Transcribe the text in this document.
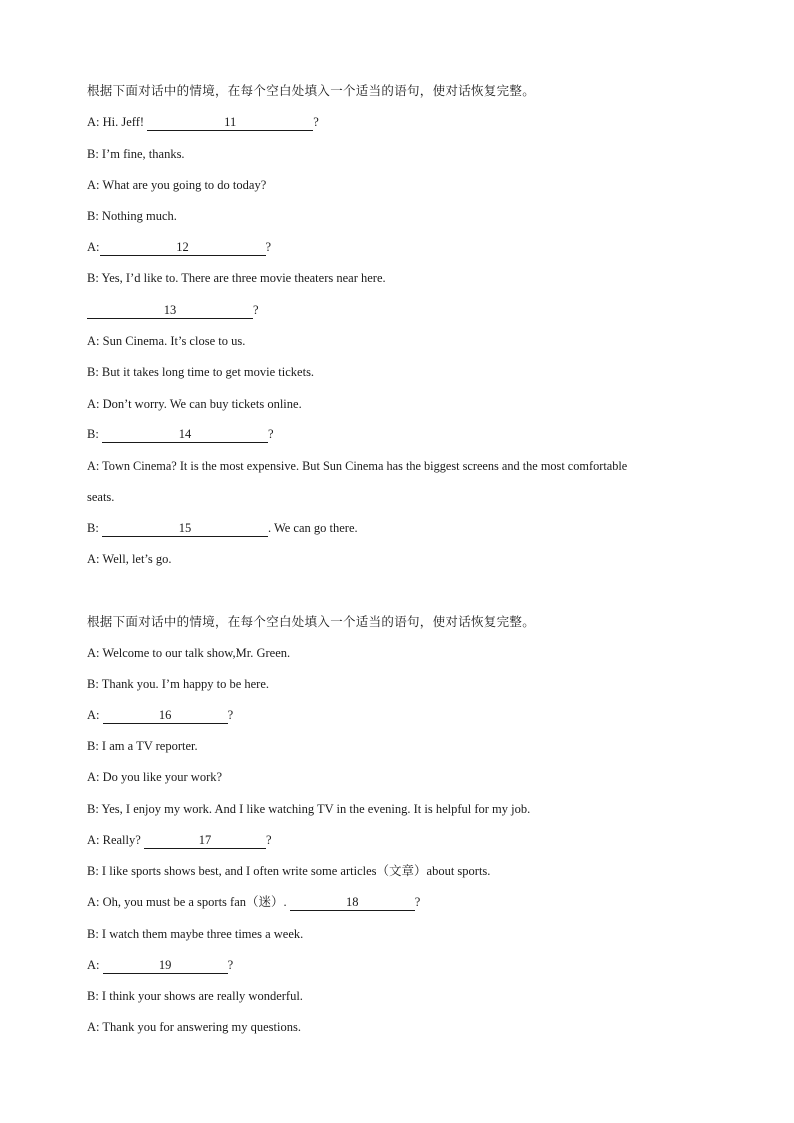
根据下面对话中的情境，在每个空白处填入一个适当的语句，使对话恢复完整。
A: Hi. Jeff!	11	?
B: I’m fine, thanks.
A: What are you going to do today?
B: Nothing much.
A:	12	?
B: Yes, I’d like to. There are three movie theaters near here.
13	?
A: Sun Cinema. It’s close to us.
B: But it takes long time to get movie tickets.
A: Don’t worry. We can buy tickets online.
B:	14	?
A: Town Cinema? It is the most expensive. But Sun Cinema has the biggest screens and the most comfortable
seats.
B:	15	. We can go there.
A: Well, let’s go.
根据下面对话中的情境，在每个空白处填入一个适当的语句，使对话恢复完整。
A: Welcome to our talk show,Mr. Green.
B: Thank you. I’m happy to be here.
A:	16	?
B: I am a TV reporter.
A: Do you like your work?
B: Yes, I enjoy my work. And I like watching TV in the evening. It is helpful for my job.
A: Really?	17	?
B: I like sports shows best, and I often write some articles（文章）about sports.
A: Oh, you must be a sports fan（迷）.	18	?
B: I watch them maybe three times a week.
A:	19	?
B: I think your shows are really wonderful.
A: Thank you for answering my questions.
